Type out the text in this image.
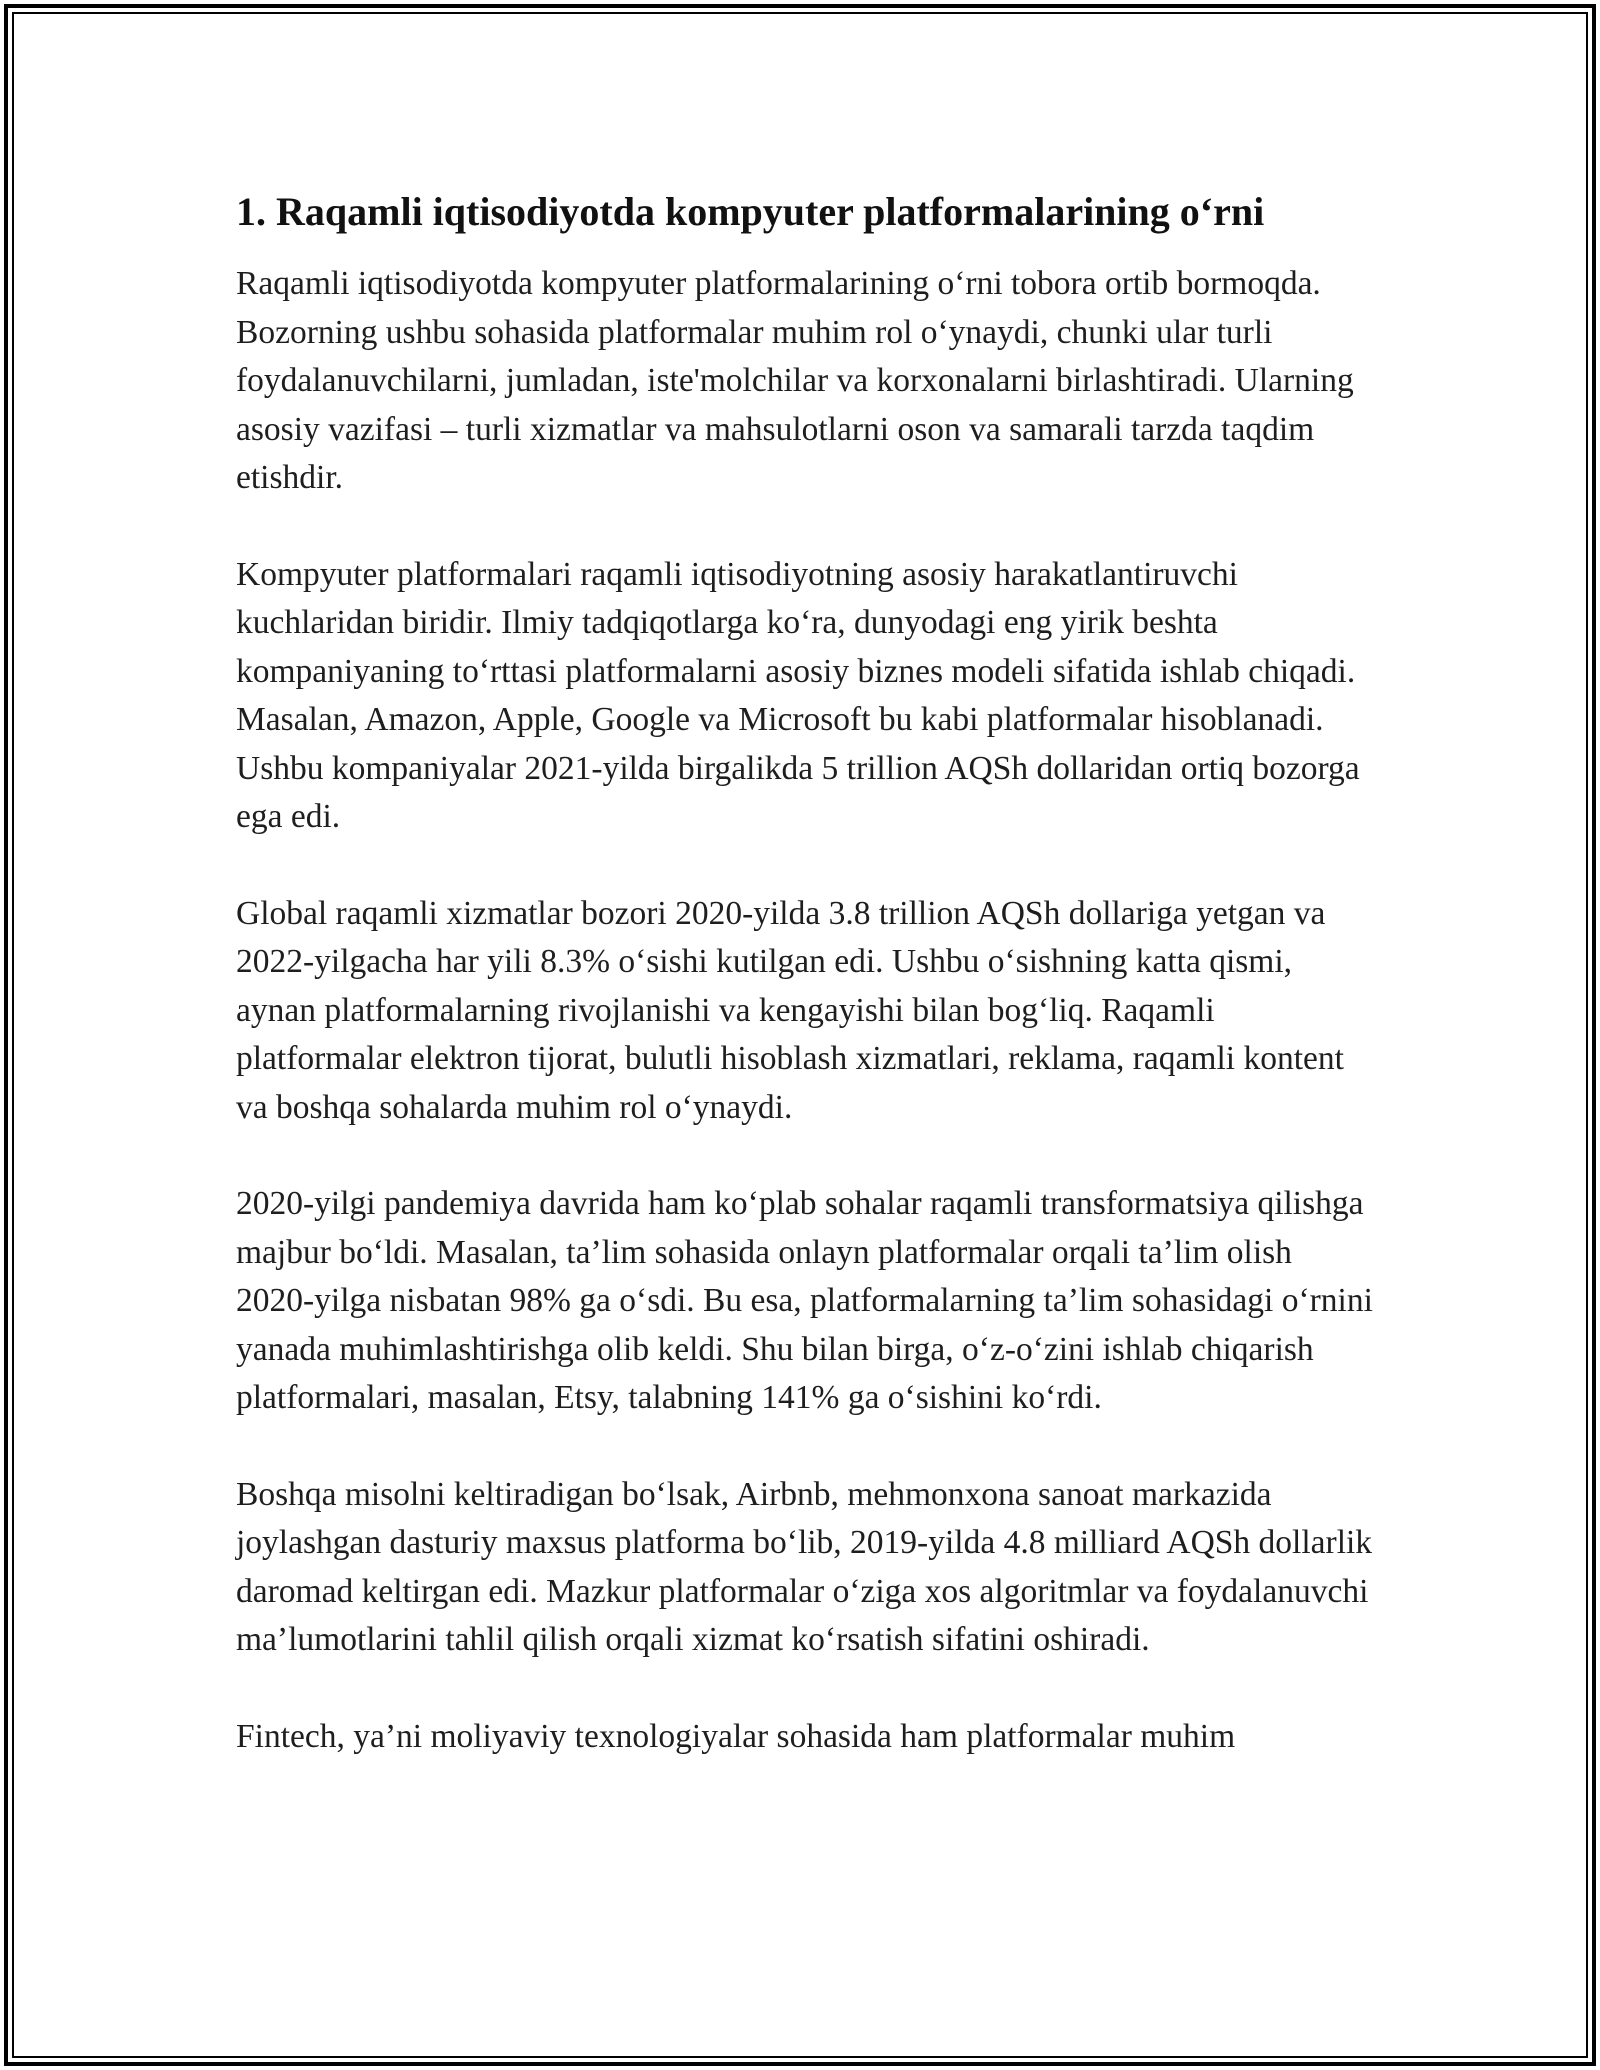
1. Raqamli iqtisodiyotda kompyuter platformalarining o‘rni

Raqamli iqtisodiyotda kompyuter platformalarining o‘rni tobora ortib bormoqda. Bozorning ushbu sohasida platformalar muhim rol o‘ynaydi, chunki ular turli foydalanuvchilarni, jumladan, iste'molchilar va korxonalarni birlashtiradi. Ularning asosiy vazifasi – turli xizmatlar va mahsulotlarni oson va samarali tarzda taqdim etishdir.

Kompyuter platformalari raqamli iqtisodiyotning asosiy harakatlantiruvchi kuchlaridan biridir. Ilmiy tadqiqotlarga ko‘ra, dunyodagi eng yirik beshta kompaniyaning to‘rttasi platformalarni asosiy biznes modeli sifatida ishlab chiqadi. Masalan, Amazon, Apple, Google va Microsoft bu kabi platformalar hisoblanadi. Ushbu kompaniyalar 2021-yilda birgalikda 5 trillion AQSh dollaridan ortiq bozorga ega edi.

Global raqamli xizmatlar bozori 2020-yilda 3.8 trillion AQSh dollariga yetgan va 2022-yilgacha har yili 8.3% o‘sishi kutilgan edi. Ushbu o‘sishning katta qismi, aynan platformalarning rivojlanishi va kengayishi bilan bog‘liq. Raqamli platformalar elektron tijorat, bulutli hisoblash xizmatlari, reklama, raqamli kontent va boshqa sohalarda muhim rol o‘ynaydi.

2020-yilgi pandemiya davrida ham ko‘plab sohalar raqamli transformatsiya qilishga majbur bo‘ldi. Masalan, ta’lim sohasida onlayn platformalar orqali ta’lim olish 2020-yilga nisbatan 98% ga o‘sdi. Bu esa, platformalarning ta’lim sohasidagi o‘rnini yanada muhimlashtirishga olib keldi. Shu bilan birga, o‘z-o‘zini ishlab chiqarish platformalari, masalan, Etsy, talabning 141% ga o‘sishini ko‘rdi.

Boshqa misolni keltiradigan bo‘lsak, Airbnb, mehmonxona sanoat markazida joylashgan dasturiy maxsus platforma bo‘lib, 2019-yilda 4.8 milliard AQSh dollarlik daromad keltirgan edi. Mazkur platformalar o‘ziga xos algoritmlar va foydalanuvchi ma’lumotlarini tahlil qilish orqali xizmat ko‘rsatish sifatini oshiradi.

Fintech, ya’ni moliyaviy texnologiyalar sohasida ham platformalar muhim
